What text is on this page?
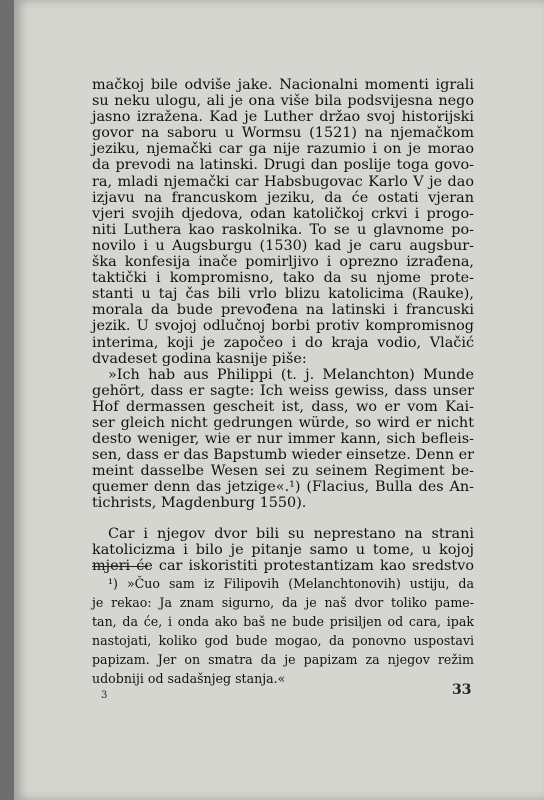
mačkoj bile odviše jake. Nacionalni momenti igrali
su neku ulogu, ali je ona više bila podsvijesna nego
jasno izražena. Kad je Luther držao svoj historijski
govor na saboru u Wormsu (1521) na njemačkom
jeziku, njemački car ga nije razumio i on je morao
da prevodi na latinski. Drugi dan poslije toga govo-
ra, mladi njemački car Habsbugovac Karlo V je dao
izjavu na francuskom jeziku, da će ostati vjeran
vjeri svojih djedova, odan katoličkoj crkvi i progo-
niti Luthera kao raskolnika. To se u glavnome po-
novilo i u Augsburgu (1530) kad je caru augsbur-
ška konfesija inače pomirljivo i oprezno izrađena,
taktički i kompromisno, tako da su njome prote-
stanti u taj čas bili vrlo blizu katolicima (Rauke),
morala da bude prevođena na latinski i francuski
jezik. U svojoj odlučnoj borbi protiv kompromisnog
interima, koji je započeo i do kraja vodio, Vlačić
dvadeset godina kasnije piše:

»Ich hab aus Philippi (t. j. Melanchton) Munde
gehört, dass er sagte: Ich weiss gewiss, dass unser
Hof dermassen gescheit ist, dass, wo er vom Kai-
ser gleich nicht gedrungen würde, so wird er nicht
desto weniger, wie er nur immer kann, sich befleis-
sen, dass er das Bapstumb wieder einsetze. Denn er
meint dasselbe Wesen sei zu seinem Regiment be-
quemer denn das jetzige«.¹) (Flacius, Bulla des An-
tichrists, Magdenburg 1550).

Car i njegov dvor bili su neprestano na strani
katolicizma i bilo je pitanje samo u tome, u kojoj
mjeri će car iskoristiti protestantizam kao sredstvo

¹) »Čuo sam iz Filipovih (Melanchtonovih) ustiju, da
je rekao: Ja znam sigurno, da je naš dvor toliko pame-
tan, da će, i onda ako baš ne bude prisiljen od cara, ipak
nastojati, koliko god bude mogao, da ponovno uspostavi
papizam. Jer on smatra da je papizam za njegov režim
udobniji od sadašnjeg stanja.«

3	33
